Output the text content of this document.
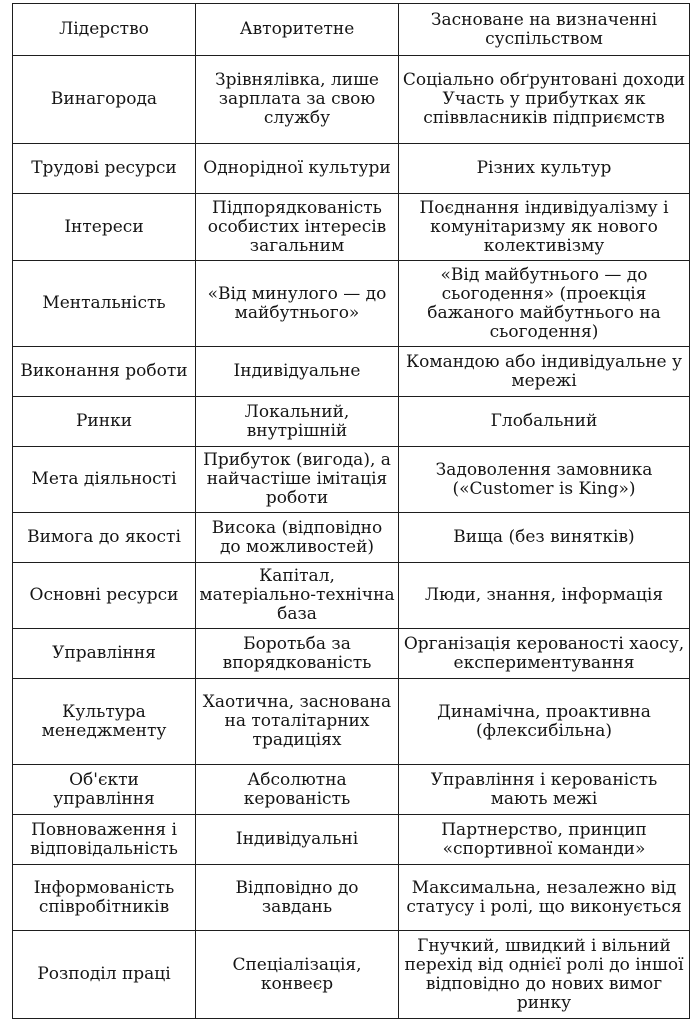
Лідерство	Авторитетне	Засноване на визначенні суспільством

Винагорода	Зрівнялівка, лише зарплата за свою службу	Соціально обґрунтовані доходи Участь у прибутках як співвласників підприємств

Трудові ресурси	Однорідної культури	Різних культур

Інтереси	Підпорядкованість особистих інтересів загальним	Поєднання індивідуалізму і комунітаризму як нового колективізму

Ментальність	«Від минулого — до майбутнього»	«Від майбутнього — до сьогодення» (проекція бажаного майбутнього на сьогодення)

Виконання роботи	Індивідуальне	Командою або індивідуальне у мережі

Ринки	Локальний, внутрішній	Глобальний

Мета діяльності	Прибуток (вигода), а найчастіше імітація роботи	Задоволення замовника («Customer is King»)

Вимога до якості	Висока (відповідно до можливостей)	Вища (без винятків)

Основні ресурси	Капітал, матеріально-технічна база	Люди, знання, інформація

Управління	Боротьба за впорядкованість	Організація керованості хаосу, експериментування

Культура менеджменту	Хаотична, заснована на тоталітарних традиціях	Динамічна, проактивна (флексибільна)

Об'єкти управління	Абсолютна керованість	Управління і керованість мають межі

Повноваження і відповідальність	Індивідуальні	Партнерство, принцип «спортивної команди»

Інформованість співробітників	Відповідно до завдань	Максимальна, незалежно від статусу і ролі, що виконується

Розподіл праці	Спеціалізація, конвеєр	Гнучкий, швидкий і вільний перехід від однієї ролі до іншої відповідно до нових вимог ринку
